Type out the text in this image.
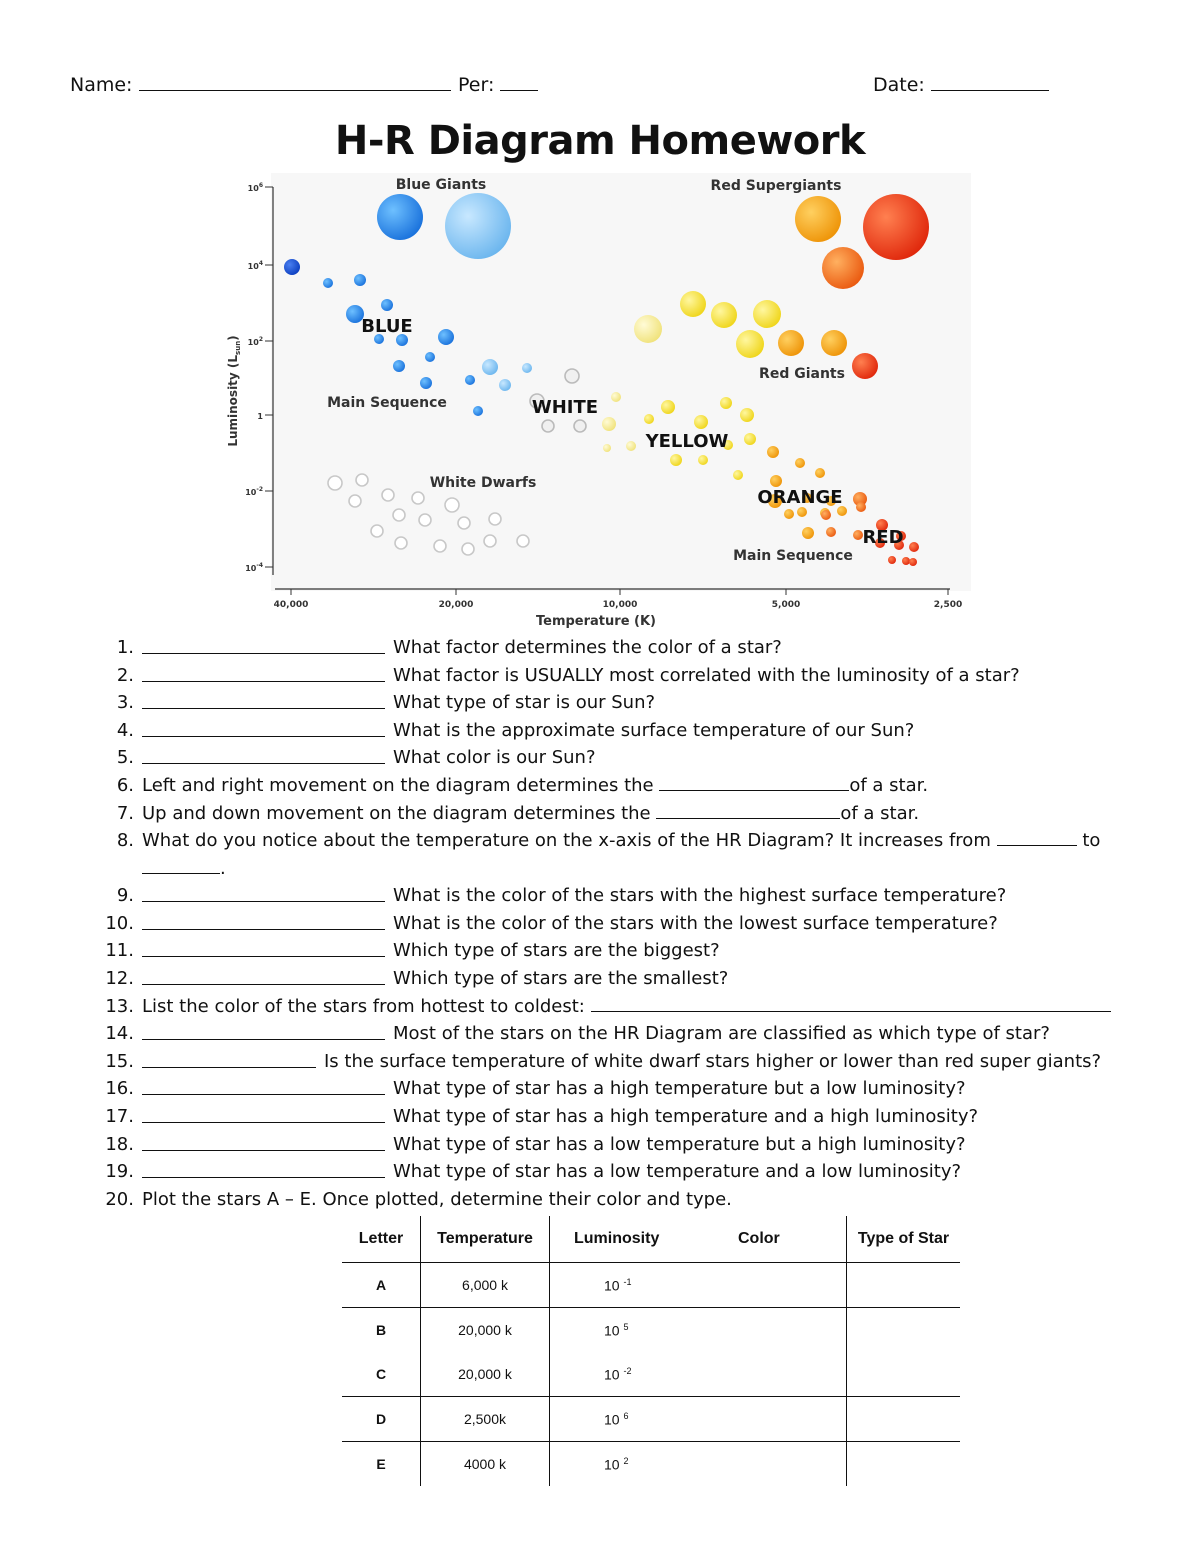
Name:	Per:	Date:
H-R Diagram Homework
$10^6$
$10^4$
$10^2$
1
$10^{-2}$
$10^{-4}$
40,000	20,000	10,000	5,000	2,500
Temperature (K)
Luminosity $(L_{sun})$
Blue Giants	Red Supergiants
Main Sequence
Red Giants
White Dwarfs
Main Sequence
BLUE
WHITE
YELLOW
ORANGE
RED
1.	What factor determines the color of a star?
2.	What factor is USUALLY most correlated with the luminosity of a star?
3.	What type of star is our Sun?
4.	What is the approximate surface temperature of our Sun?
5.	What color is our Sun?
6. Left and right movement on the diagram determines the	of a star.
7. Up and down movement on the diagram determines the	of a star.
8. What do you notice about the temperature on the x-axis of the HR Diagram? It increases from	to .
9.	What is the color of the stars with the highest surface temperature?
10.	What is the color of the stars with the lowest surface temperature?
11.	Which type of stars are the biggest?
12.	Which type of stars are the smallest?
13. List the color of the stars from hottest to coldest:
14.	Most of the stars on the HR Diagram are classified as which type of star?
15.	Is the surface temperature of white dwarf stars higher or lower than red super giants?
16.	What type of star has a high temperature but a low luminosity?
17.	What type of star has a high temperature and a high luminosity?
18.	What type of star has a low temperature but a high luminosity?
19.	What type of star has a low temperature and a low luminosity?
20. Plot the stars A – E. Once plotted, determine their color and type.
Letter	Temperature	Luminosity	Color	Type of Star
A	6,000 k	10 $^{-1}$		
B	20,000 k	10 $^5$		
C	20,000 k	10 $^{-2}$		
D	2,500k	10 $^6$		
E	4000 k	10 $^2$		
